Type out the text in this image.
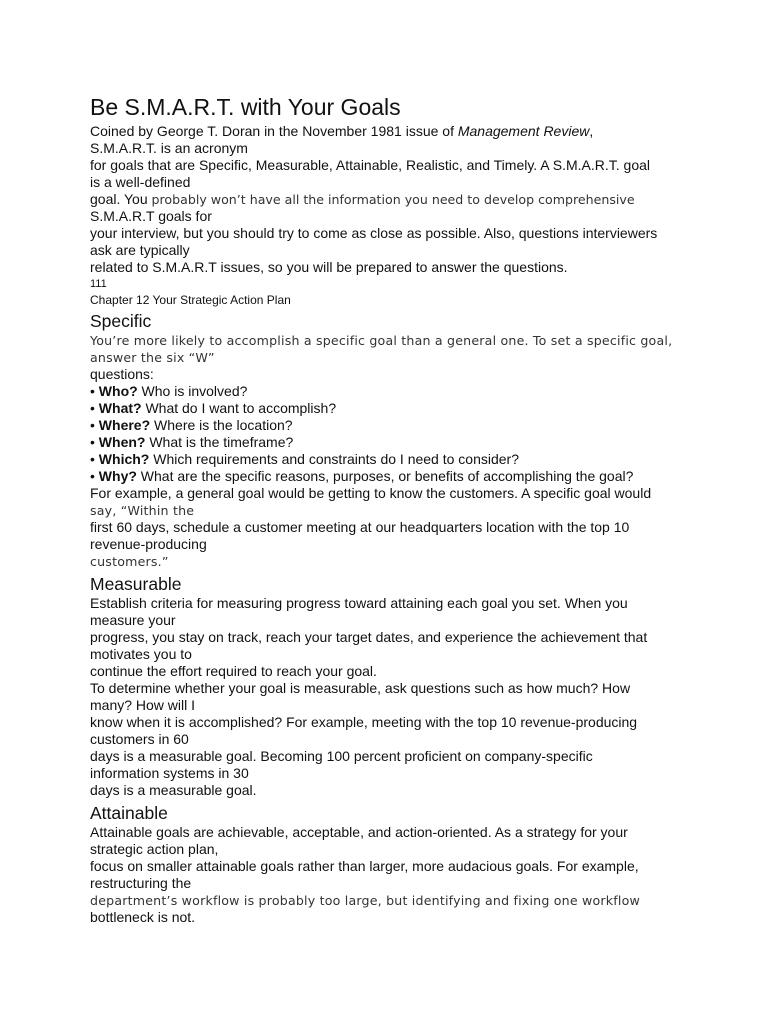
Be S.M.A.R.T. with Your Goals

Coined by George T. Doran in the November 1981 issue of Management Review,

S.M.A.R.T. is an acronym

for goals that are Specific, Measurable, Attainable, Realistic, and Timely. A S.M.A.R.T. goal

is a well-defined

goal. You probably won’t have all the information you need to develop comprehensive

S.M.A.R.T goals for

your interview, but you should try to come as close as possible. Also, questions interviewers

ask are typically

related to S.M.A.R.T issues, so you will be prepared to answer the questions.

111

Chapter 12 Your Strategic Action Plan

Specific

You’re more likely to accomplish a specific goal than a general one. To set a specific goal,

answer the six “W”

questions:

• Who? Who is involved?

• What? What do I want to accomplish?

• Where? Where is the location?

• When? What is the timeframe?

• Which? Which requirements and constraints do I need to consider?

• Why? What are the specific reasons, purposes, or benefits of accomplishing the goal?

For example, a general goal would be getting to know the customers. A specific goal would

say, “Within the

first 60 days, schedule a customer meeting at our headquarters location with the top 10

revenue-producing

customers.”

Measurable

Establish criteria for measuring progress toward attaining each goal you set. When you

measure your

progress, you stay on track, reach your target dates, and experience the achievement that

motivates you to

continue the effort required to reach your goal.

To determine whether your goal is measurable, ask questions such as how much? How

many? How will I

know when it is accomplished? For example, meeting with the top 10 revenue-producing

customers in 60

days is a measurable goal. Becoming 100 percent proficient on company-specific

information systems in 30

days is a measurable goal.

Attainable

Attainable goals are achievable, acceptable, and action-oriented. As a strategy for your

strategic action plan,

focus on smaller attainable goals rather than larger, more audacious goals. For example,

restructuring the

department’s workflow is probably too large, but identifying and fixing one workflow

bottleneck is not.
